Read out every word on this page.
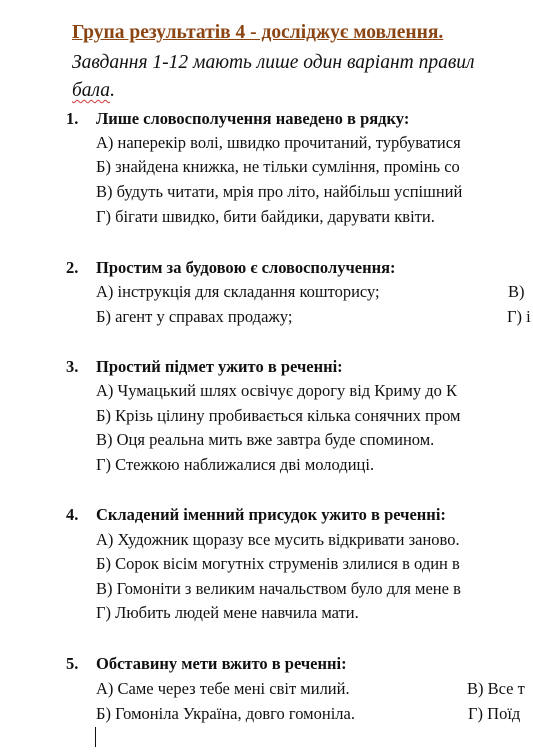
Група результатів 4 - досліджує мовлення.
Завдання 1-12 мають лише один варіант правил
бала.
1. Лише словосполучення наведено в рядку:
А) наперекір волі, швидко прочитаний, турбуватися
Б) знайдена книжка, не тільки сумління, промінь со
В) будуть читати, мрія про літо, найбільш успішний
Г) бігати швидко, бити байдики, дарувати квіти.
2. Простим за будовою є словосполучення:
А) інструкція для складання кошторису;	В)
Б) агент у справах продажу;	Г) і
3. Простий підмет ужито в реченні:
А) Чумацький шлях освічує дорогу від Криму до К
Б) Крізь цілину пробивається кілька сонячних пром
В) Оця реальна мить вже завтра буде спомином.
Г) Стежкою наближалися дві молодиці.
4. Складений іменний присудок ужито в реченні:
А) Художник щоразу все мусить відкривати заново.
Б) Сорок вісім могутніх струменів злилися в один в
В) Гомоніти з великим начальством було для мене в
Г) Любить людей мене навчила мати.
5. Обставину мети вжито в реченні:
А) Саме через тебе мені світ милий.	В) Все т
Б) Гомоніла Україна, довго гомоніла.	Г) Поїд
